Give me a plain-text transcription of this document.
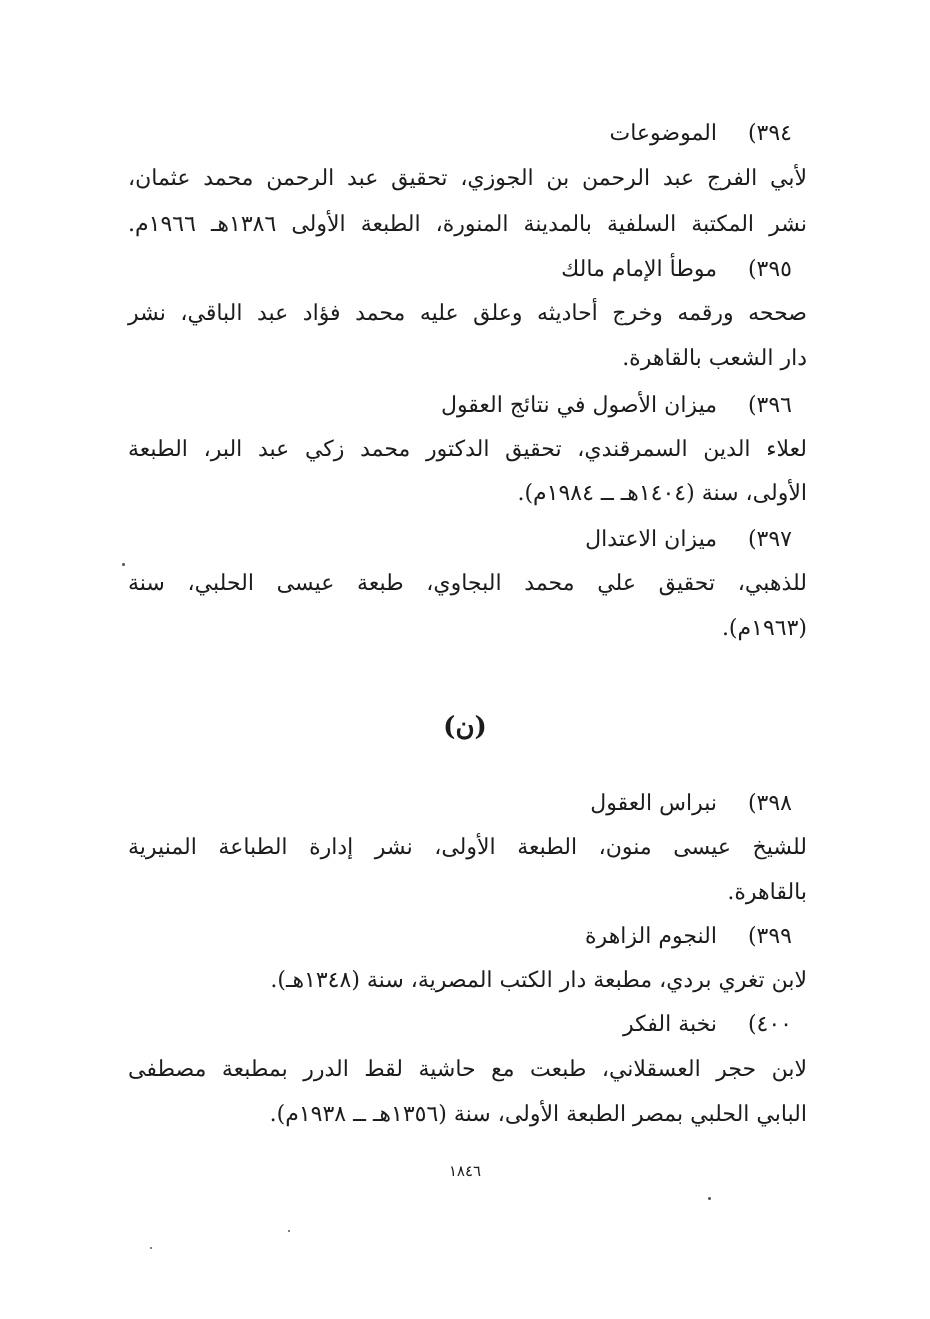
٣٩٤)
الموضوعات
لأبي الفرج عبد الرحمن بن الجوزي، تحقيق عبد الرحمن محمد عثمان،
نشر المكتبة السلفية بالمدينة المنورة، الطبعة الأولى ١٣٨٦هـ ١٩٦٦م.
٣٩٥)
موطأ الإمام مالك
صححه ورقمه وخرج أحاديثه وعلق عليه محمد فؤاد عبد الباقي، نشر
دار الشعب بالقاهرة.
٣٩٦)
ميزان الأصول في نتائج العقول
لعلاء الدين السمرقندي، تحقيق الدكتور محمد زكي عبد البر، الطبعة
الأولى، سنة (١٤٠٤هـ ــ ١٩٨٤م).
٣٩٧)
ميزان الاعتدال
للذهبي، تحقيق علي محمد البجاوي، طبعة عيسى الحلبي، سنة
(١٩٦٣م).
(ن)
٣٩٨)
نبراس العقول
للشيخ عيسى منون، الطبعة الأولى، نشر إدارة الطباعة المنيرية
بالقاهرة.
٣٩٩)
النجوم الزاهرة
لابن تغري بردي، مطبعة دار الكتب المصرية، سنة (١٣٤٨هـ).
٤٠٠)
نخبة الفكر
لابن حجر العسقلاني، طبعت مع حاشية لقط الدرر بمطبعة مصطفى
البابي الحلبي بمصر الطبعة الأولى، سنة (١٣٥٦هـ ــ ١٩٣٨م).
١٨٤٦
